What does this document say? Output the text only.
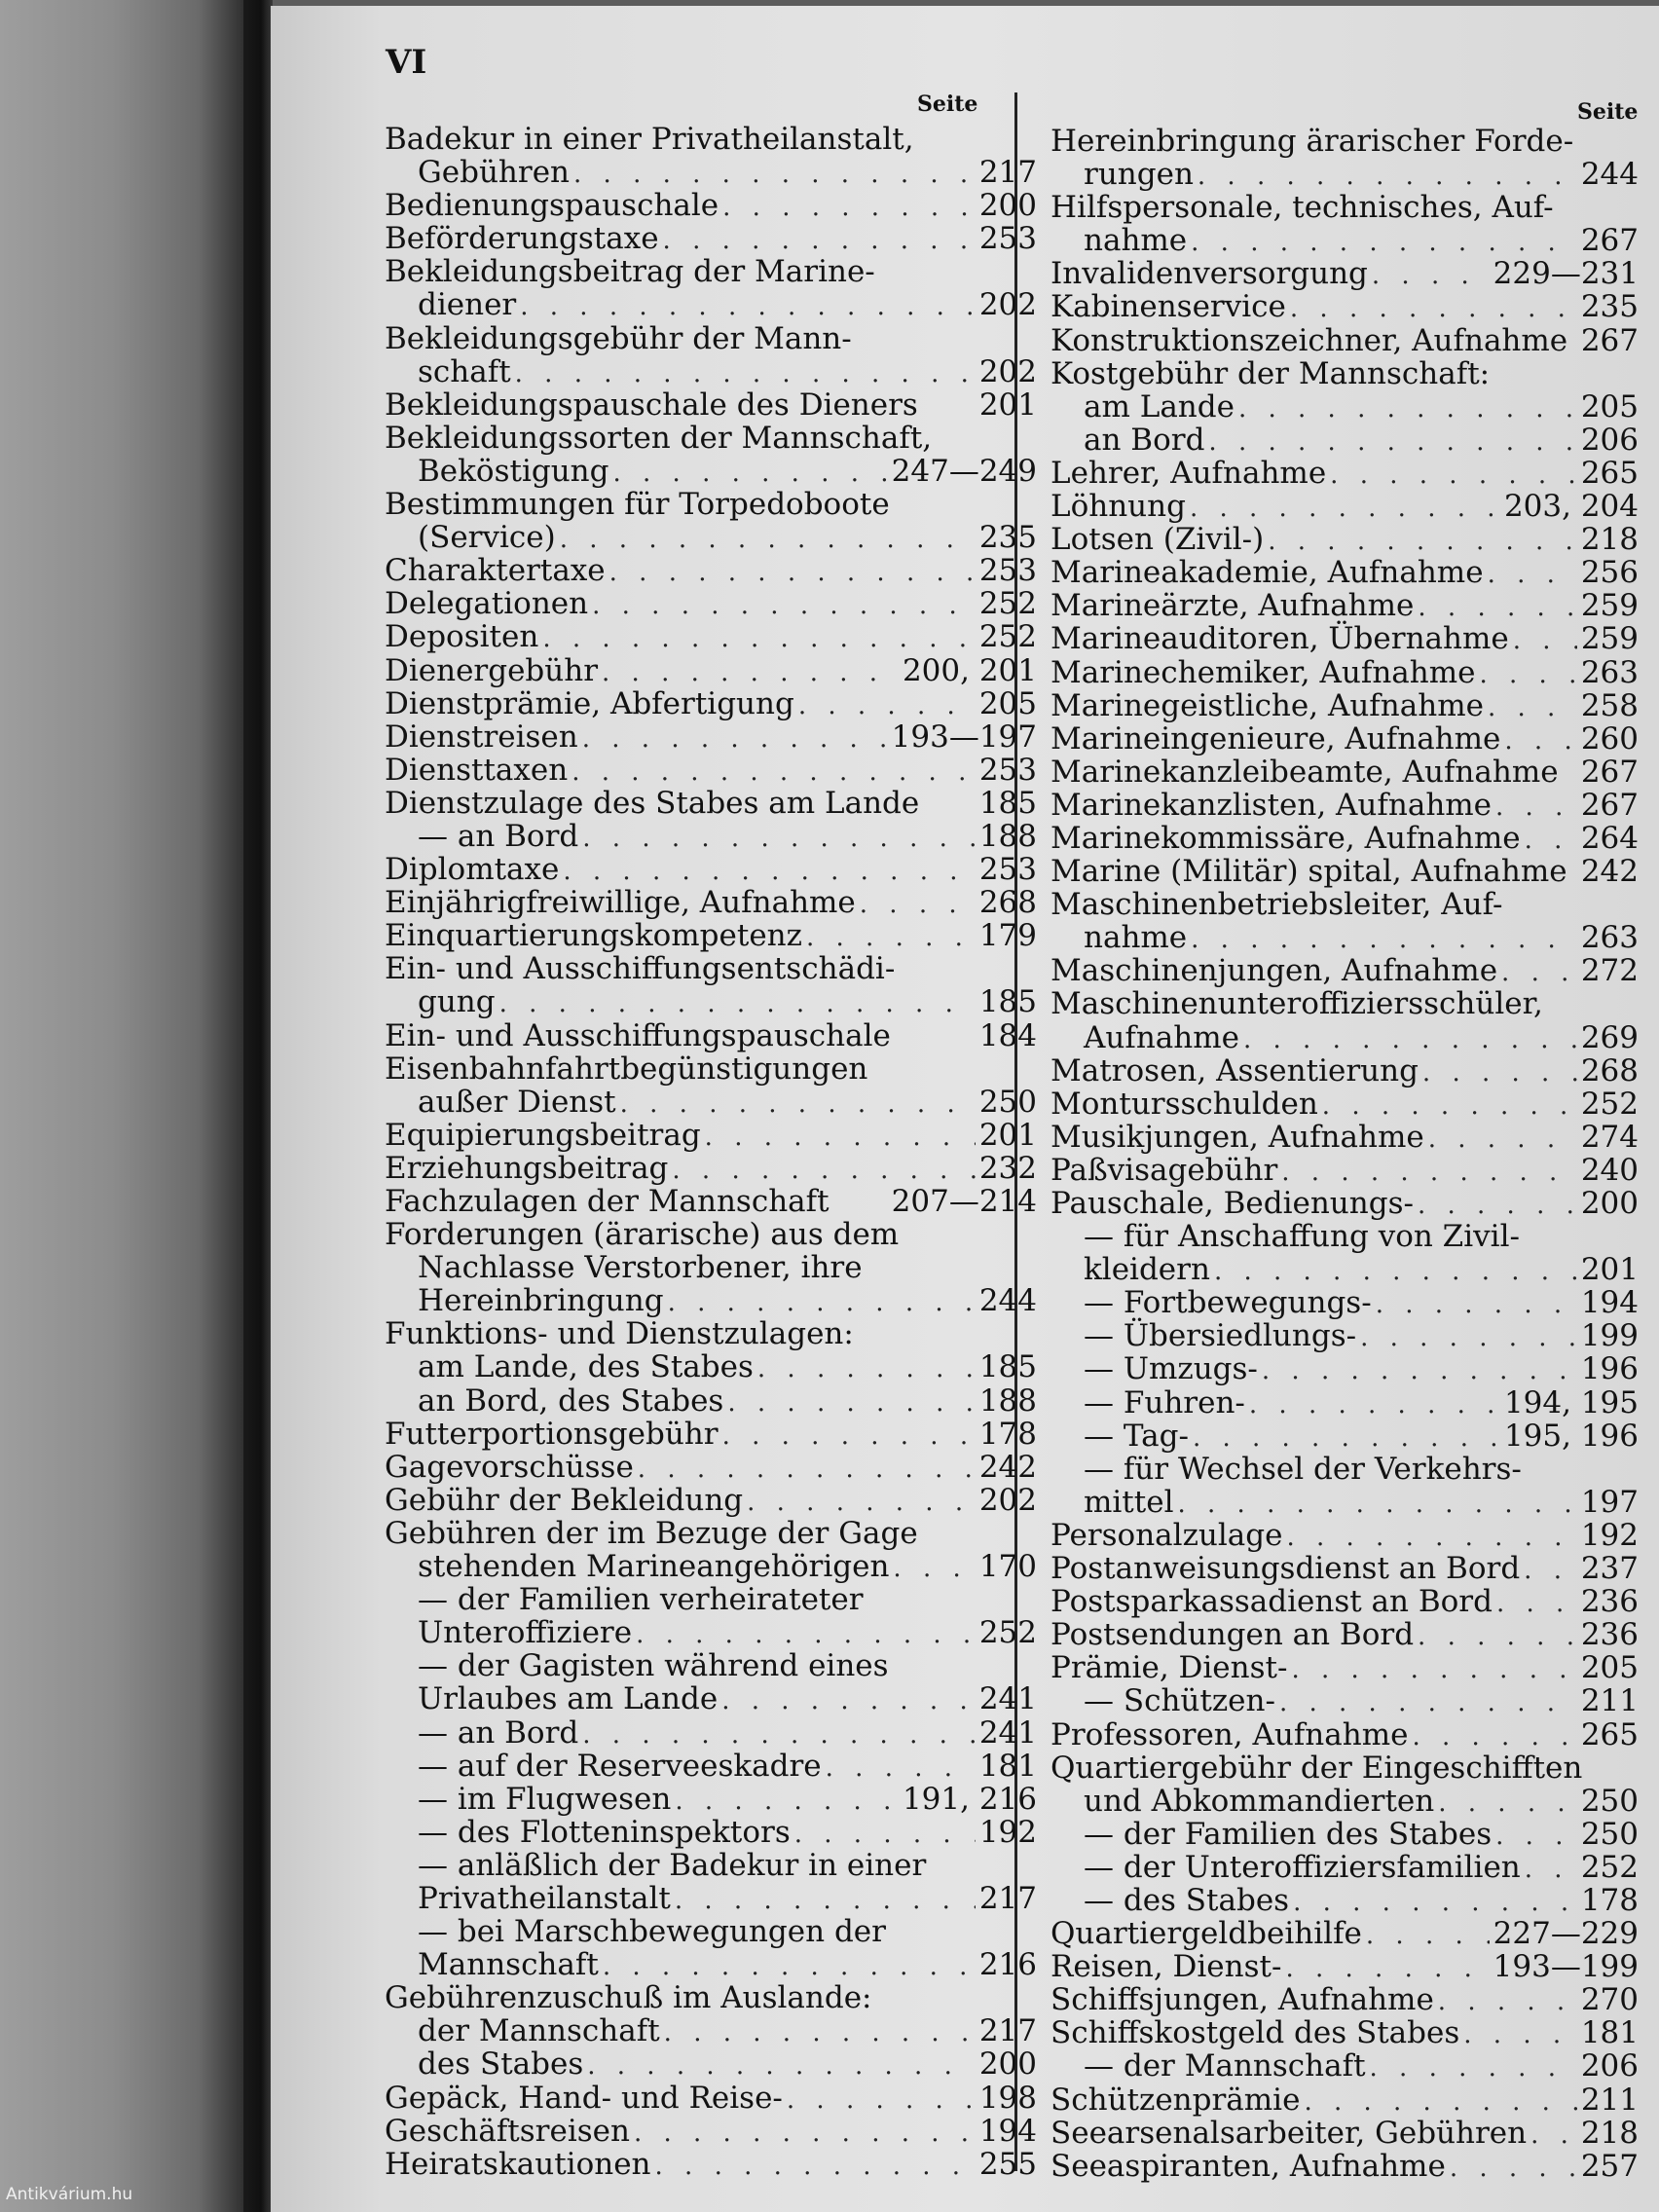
VI
Seite	Seite
Badekur in einer Privatheilanstalt,
Gebühren . . .	217
Bedienungspauschale . . .	200
Beförderungstaxe . . .	253
Bekleidungsbeitrag der Marine-
diener . . .	202
Bekleidungsgebühr der Mann-
schaft . . .	202
Bekleidungspauschale des Dieners 201
Bekleidungssorten der Mannschaft,
Beköstigung . . .	247—249
Bestimmungen für Torpedoboote
(Service) . . .	235
Charaktertaxe . . .	253
Delegationen . . .	252
Depositen . . .	252
Dienergebühr . . .	200, 201
Dienstprämie, Abfertigung . . .	205
Dienstreisen . . .	193—197
Diensttaxen . . .	253
Dienstzulage des Stabes am Lande 185
— an Bord . . .	188
Diplomtaxe . . .	253
Einjährigfreiwillige, Aufnahme . . .	268
Einquartierungskompetenz . . .	179
Ein- und Ausschiffungsentschädi-
gung . . .	185
Ein- und Ausschiffungspauschale	184
Eisenbahnfahrtbegünstigungen
außer Dienst . . .	250
Equipierungsbeitrag . . .	201
Erziehungsbeitrag . . .	232
Fachzulagen der Mannschaft 207—214
Forderungen (ärarische) aus dem
Nachlasse Verstorbener, ihre
Hereinbringung . . .	244
Funktions- und Dienstzulagen:
am Lande, des Stabes . . .	185
an Bord, des Stabes . . .	188
Futterportionsgebühr . . .	178
Gagevorschüsse . . .	242
Gebühr der Bekleidung . . .	202
Gebühren der im Bezuge der Gage
stehenden Marineangehörigen . . .	170
— der Familien verheirateter
Unteroffiziere . . .	252
— der Gagisten während eines
Urlaubes am Lande . . .	241
— an Bord . . .	241
— auf der Reserveeskadre . . .	181
— im Flugwesen . . .	191, 216
— des Flotteninspektors . . .	192
— anläßlich der Badekur in einer
Privatheilanstalt . . .	217
— bei Marschbewegungen der
Mannschaft . . .	216
Gebührenzuschuß im Auslande:
der Mannschaft . . .	217
des Stabes . . .	200
Gepäck, Hand- und Reise- . . .	198
Geschäftsreisen . . .	194
Heiratskautionen . . .	255
Hereinbringung ärarischer Forde-
rungen . . .	244
Hilfspersonale, technisches, Auf-
nahme . . .	267
Invalidenversorgung . . .	229—231
Kabinenservice . . .	235
Konstruktionszeichner, Aufnahme 267
Kostgebühr der Mannschaft:
am Lande . . .	205
an Bord . . .	206
Lehrer, Aufnahme . . .	265
Löhnung . . .	203, 204
Lotsen (Zivil-) . . .	218
Marineakademie, Aufnahme . . .	256
Marineärzte, Aufnahme . . .	259
Marineauditoren, Übernahme . . . 259
Marinechemiker, Aufnahme . . .	263
Marinegeistliche, Aufnahme . . .	258
Marineingenieure, Aufnahme . . .	260
Marinekanzleibeamte, Aufnahme 267
Marinekanzlisten, Aufnahme . . .	267
Marinekommissäre, Aufnahme . . . 264
Marine (Militär) spital, Aufnahme 242
Maschinenbetriebsleiter, Auf-
nahme . . .	263
Maschinenjungen, Aufnahme . . .	272
Maschinenunteroffiziersschüler,
Aufnahme . . .	269
Matrosen, Assentierung . . .	268
Montursschulden . . .	252
Musikjungen, Aufnahme . . .	274
Paßvisagebühr . . .	240
Pauschale, Bedienungs- . . .	200
— für Anschaffung von Zivil-
kleidern . . .	201
— Fortbewegungs- . . .	194
— Übersiedlungs- . . .	199
— Umzugs- . . .	196
— Fuhren- . . .	194, 195
— Tag- . . .	195, 196
— für Wechsel der Verkehrs-
mittel . . .	197
Personalzulage . . .	192
Postanweisungsdienst an Bord . . . 237
Postsparkassadienst an Bord . . .	236
Postsendungen an Bord . . .	236
Prämie, Dienst- . . .	205
— Schützen- . . .	211
Professoren, Aufnahme . . .	265
Quartiergebühr der Eingeschifften
und Abkommandierten . . .	250
— der Familien des Stabes . . .	250
— der Unteroffiziersfamilien . . . 252
— des Stabes . . .	178
Quartiergeldbeihilfe . . .	227—229
Reisen, Dienst- . . .	193—199
Schiffsjungen, Aufnahme . . .	270
Schiffskostgeld des Stabes . . .	181
— der Mannschaft . . .	206
Schützenprämie . . .	211
Seearsenalsarbeiter, Gebühren . . . 218
Seeaspiranten, Aufnahme . . .	257
Antikvárium.hu
